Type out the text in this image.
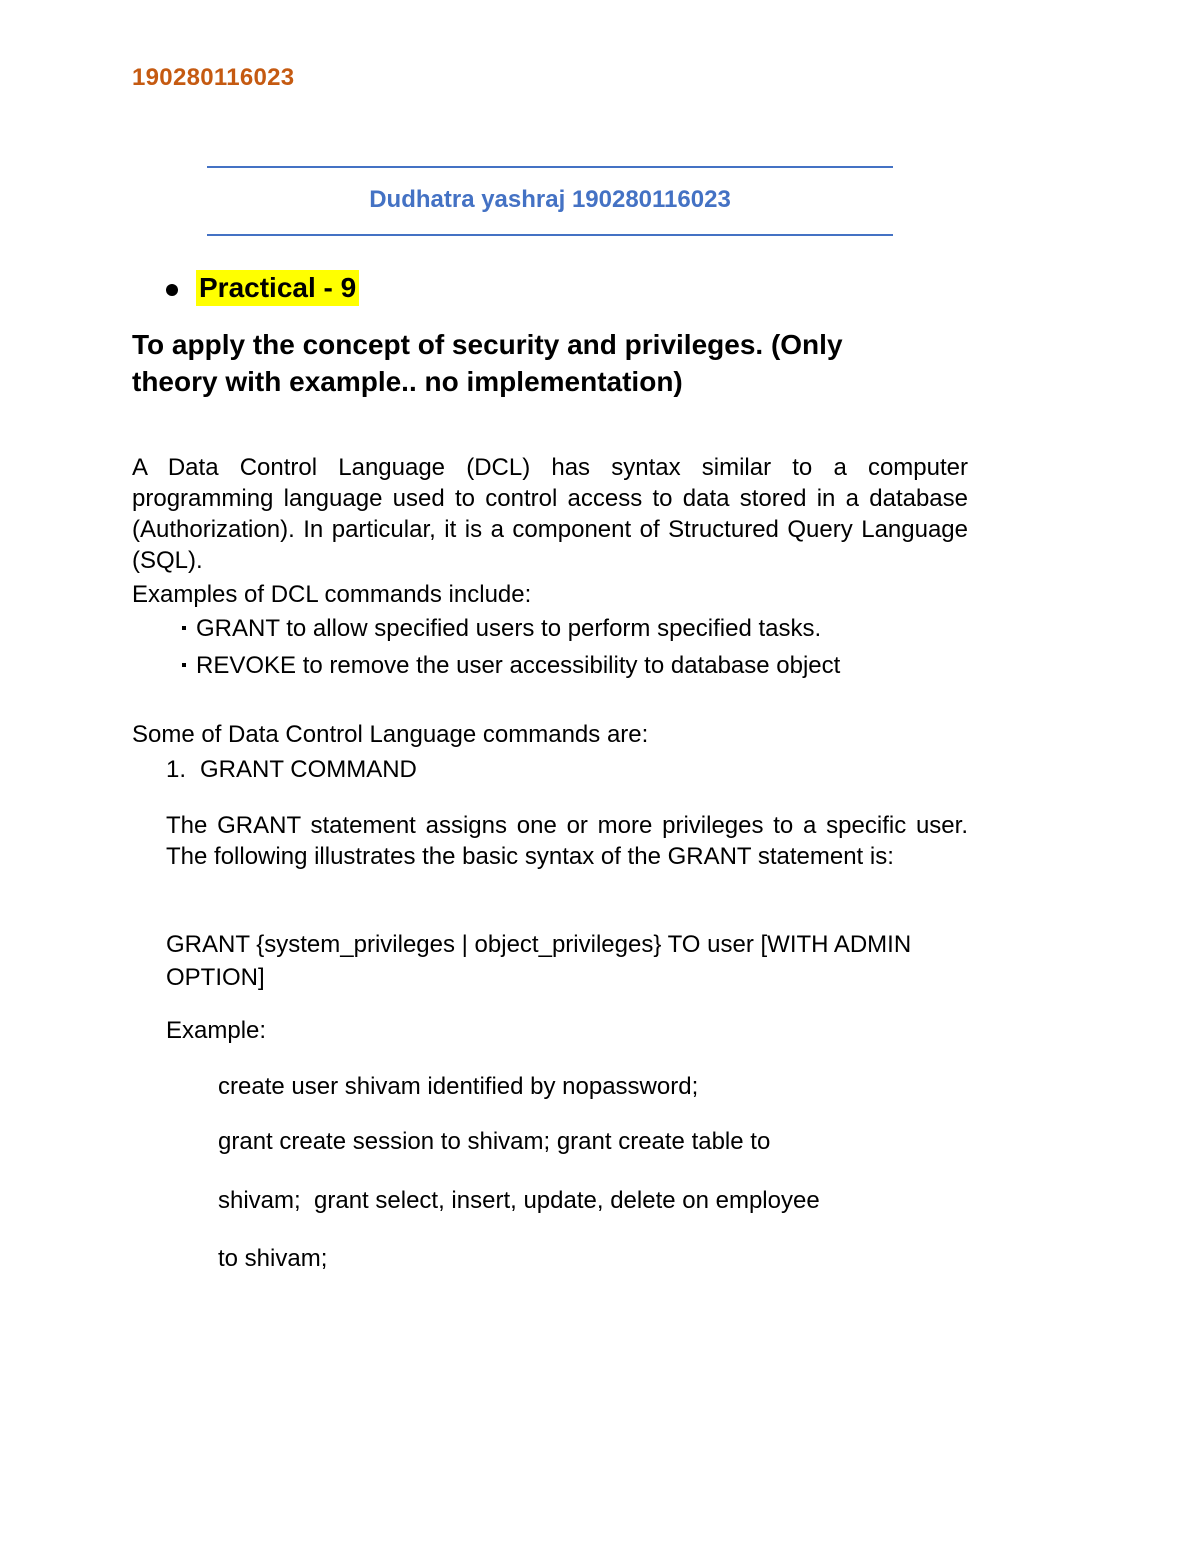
190280116023
Dudhatra yashraj 190280116023
Practical - 9
To apply the concept of security and privileges. (Only theory with example.. no implementation)
A Data Control Language (DCL) has syntax similar to a computer programming language used to control access to data stored in a database (Authorization). In particular, it is a component of Structured Query Language (SQL).
Examples of DCL commands include:
GRANT to allow specified users to perform specified tasks.
REVOKE to remove the user accessibility to database object
Some of Data Control Language commands are:
1. GRANT COMMAND
The GRANT statement assigns one or more privileges to a specific user. The following illustrates the basic syntax of the GRANT statement is:
GRANT {system_privileges | object_privileges} TO user [WITH ADMIN OPTION]
Example:
create user shivam identified by nopassword;
grant create session to shivam; grant create table to
shivam;  grant select, insert, update, delete on employee
to shivam;
